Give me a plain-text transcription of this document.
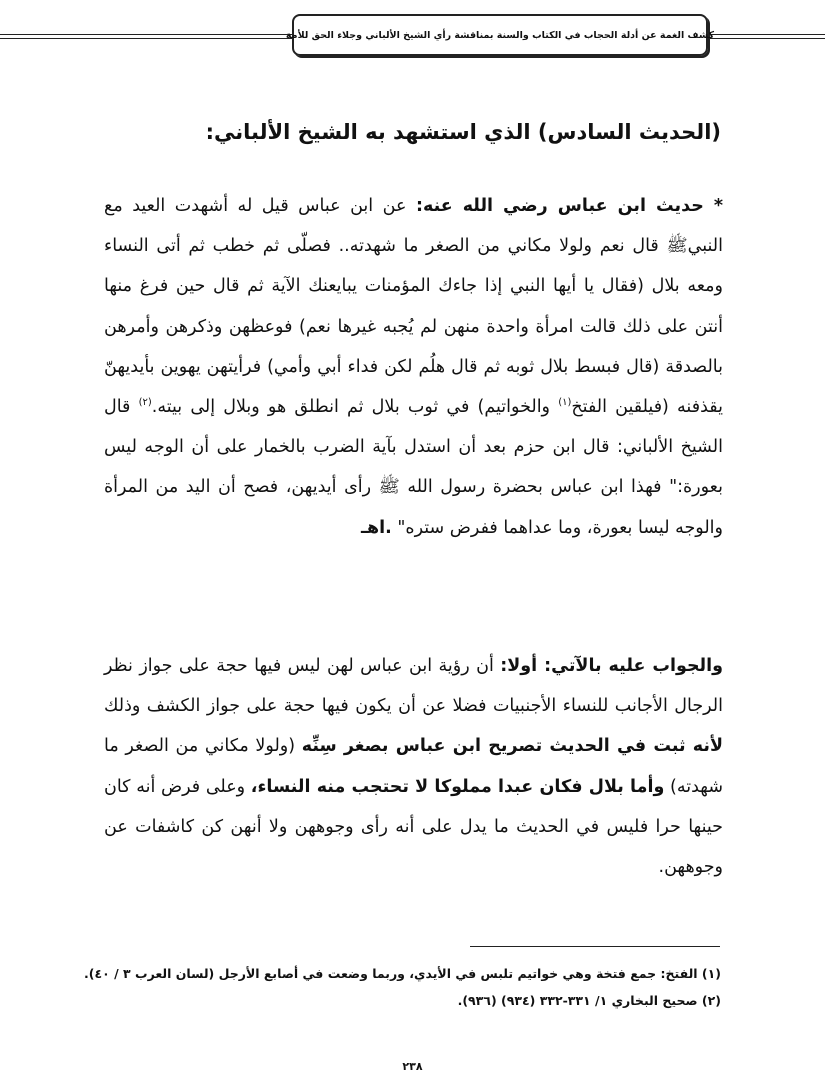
كشف الغمة عن أدلة الحجاب في الكتاب والسنة بمناقشة رأي الشيخ الألباني وجلاء الحق للأمة
(الحديث السادس) الذي استشهد به الشيخ الألباني:
* حديث ابن عباس رضي الله عنه: عن ابن عباس قيل له أشهدت العيد مع النبيﷺ قال نعم ولولا مكاني من الصغر ما شهدته.. فصلّى ثم خطب ثم أتى النساء ومعه بلال (فقال يا أيها النبي إذا جاءك المؤمنات يبايعنك الآية ثم قال حين فرغ منها أنتن على ذلك قالت امرأة واحدة منهن لم يُجبه غيرها نعم) فوعظهن وذكرهن وأمرهن بالصدقة (قال فبسط بلال ثوبه ثم قال هلُم لكن فداء أبي وأمي) فرأيتهن يهوين بأيديهنّ يقذفنه (فيلقين الفتخ$^{(١)}$ والخواتيم) في ثوب بلال ثم انطلق هو وبلال إلى بيته.$^{(٢)}$ قال الشيخ الألباني: قال ابن حزم بعد أن استدل بآية الضرب بالخمار على أن الوجه ليس بعورة:" فهذا ابن عباس بحضرة رسول الله ﷺ رأى أيديهن، فصح أن اليد من المرأة والوجه ليسا بعورة، وما عداهما ففرض ستره" .اهـ
والجواب عليه بالآتي: أولا: أن رؤية ابن عباس لهن ليس فيها حجة على جواز نظر الرجال الأجانب للنساء الأجنبيات فضلا عن أن يكون فيها حجة على جواز الكشف وذلك لأنه ثبت في الحديث تصريح ابن عباس بصغر سِنِّه (ولولا مكاني من الصغر ما شهدته) وأما بلال فكان عبدا مملوكا لا تحتجب منه النساء، وعلى فرض أنه كان حينها حرا فليس في الحديث ما يدل على أنه رأى وجوههن ولا أنهن كن كاشفات عن وجوههن.
(١) الفتخ: جمع فتخة وهي خواتيم تلبس في الأيدي، وربما وضعت في أصابع الأرجل (لسان العرب ٣ / ٤٠).
(٢) صحيح البخاري ١/ ٣٣١-٣٣٢ (٩٣٤) (٩٣٦).
٢٣٨
